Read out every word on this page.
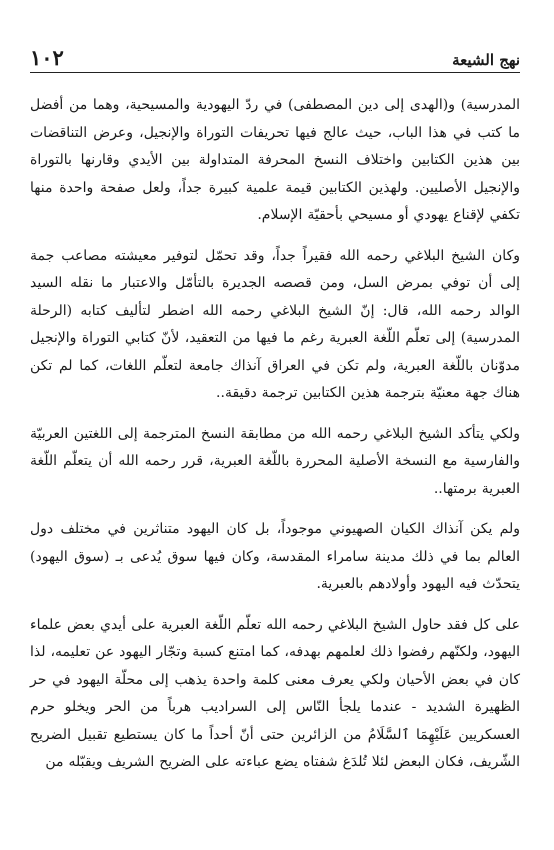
نهج الشيعة
١٠٢

المدرسية) و(الهدى إلى دين المصطفى) في ردّ اليهودية والمسيحية، وهما من أفضل ما كتب في هذا الباب، حيث عالج فيها تحريفات التوراة والإنجيل، وعرض التناقضات بين هذين الكتابين واختلاف النسخ المحرفة المتداولة بين الأيدي وقارنها بالتوراة والإنجيل الأصليين. ولهذين الكتابين قيمة علمية كبيرة جداً، ولعل صفحة واحدة منها تكفي لإقناع يهودي أو مسيحي بأحقيّة الإسلام.

وكان الشيخ البلاغي رحمه الله فقيراً جداً، وقد تحمّل لتوفير معيشته مصاعب جمة إلى أن توفي بمرض السل، ومن قصصه الجديرة بالتأمّل والاعتبار ما نقله السيد الوالد رحمه الله، قال: إنّ الشيخ البلاغي رحمه الله اضطر لتأليف كتابه (الرحلة المدرسية) إلى تعلّم اللّغة العبرية رغم ما فيها من التعقيد، لأنّ كتابي التوراة والإنجيل مدوّنان باللّغة العبرية، ولم تكن في العراق آنذاك جامعة لتعلّم اللغات، كما لم تكن هناك جهة معنيّة بترجمة هذين الكتابين ترجمة دقيقة..

ولكي يتأكد الشيخ البلاغي رحمه الله من مطابقة النسخ المترجمة إلى اللغتين العربيّة والفارسية مع النسخة الأصلية المحررة باللّغة العبرية، قرر رحمه الله أن يتعلّم اللّغة العبرية برمتها..

ولم يكن آنذاك الكيان الصهيوني موجوداً، بل كان اليهود متناثرين في مختلف دول العالم بما في ذلك مدينة سامراء المقدسة، وكان فيها سوق يُدعى بـ (سوق اليهود) يتحدّث فيه اليهود وأولادهم بالعبرية.

على كل فقد حاول الشيخ البلاغي رحمه الله تعلّم اللّغة العبرية على أيدي بعض علماء اليهود، ولكنّهم رفضوا ذلك لعلمهم بهدفه، كما امتنع كسبة وتجّار اليهود عن تعليمه، لذا كان في بعض الأحيان ولكي يعرف معنى كلمة واحدة يذهب إلى محلّة اليهود في حر الظهيرة الشديد - عندما يلجأ النّاس إلى السراديب هرباً من الحر ويخلو حرم العسكريين عَلَيْهِمَا ٱلسَّلَامُ من الزائرين حتى أنّ أحداً ما كان يستطيع تقبيل الضريح الشّريف، فكان البعض لئلا تُلدَغ شفتاه يضع عباءته على الضريح الشريف ويقبّله من
